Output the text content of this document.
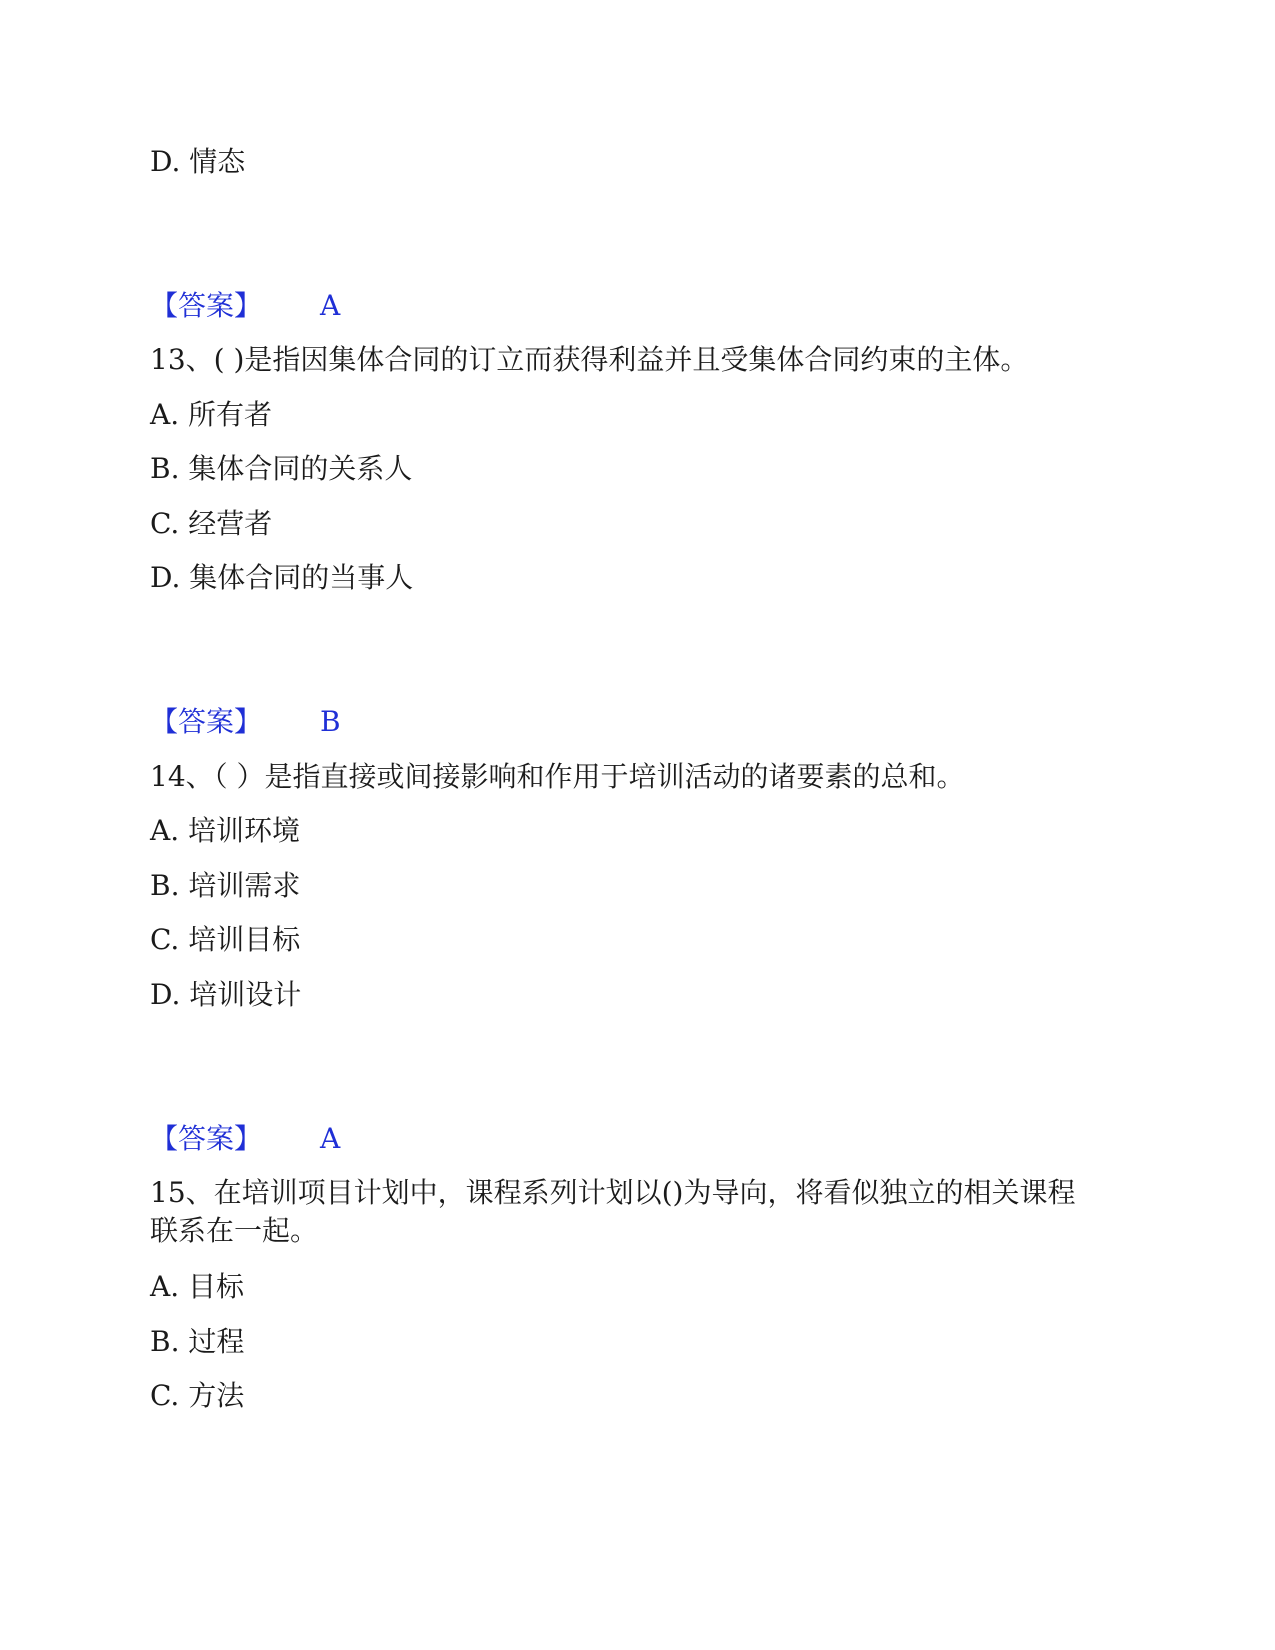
D. 情态
【答案】 A
13、( )是指因集体合同的订立而获得利益并且受集体合同约束的主体。
A. 所有者
B. 集体合同的关系人
C. 经营者
D. 集体合同的当事人
【答案】 B
14、（ ）是指直接或间接影响和作用于培训活动的诸要素的总和。
A. 培训环境
B. 培训需求
C. 培训目标
D. 培训设计
【答案】 A
15、在培训项目计划中，课程系列计划以()为导向，将看似独立的相关课程
联系在一起。
A. 目标
B. 过程
C. 方法
